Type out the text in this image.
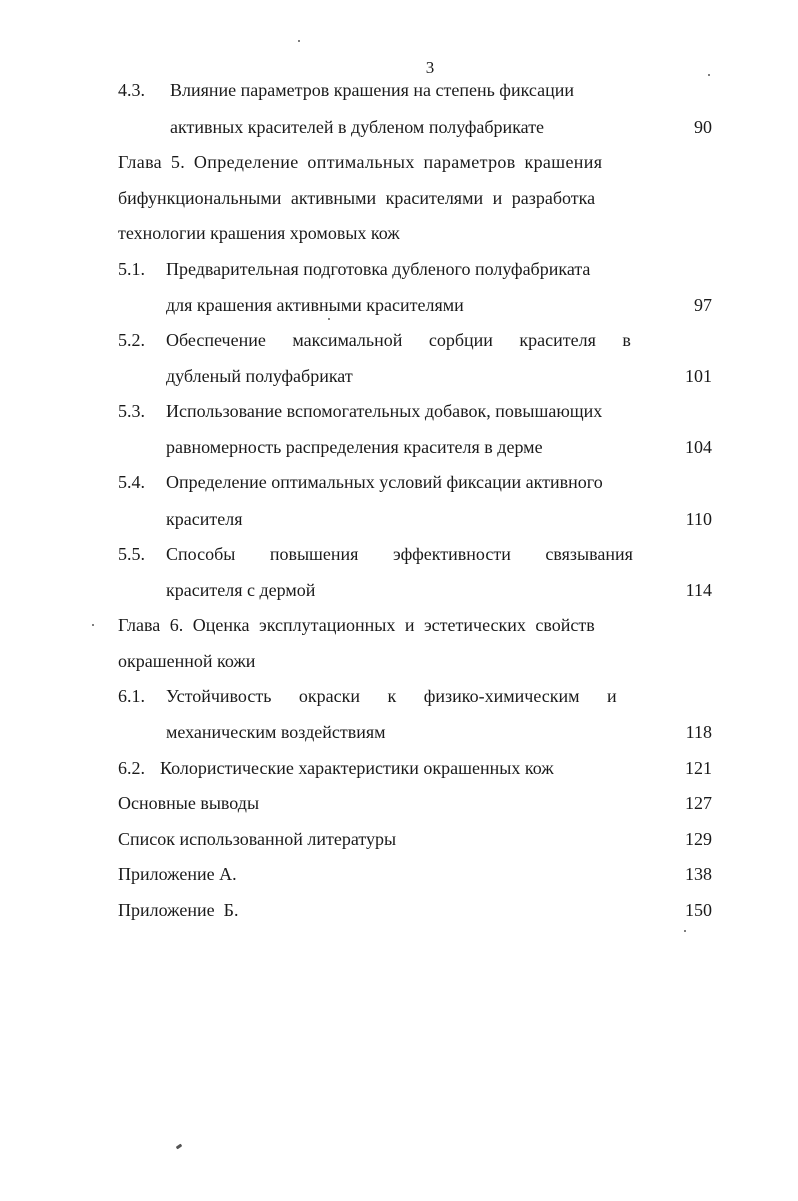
3
4.3. Влияние параметров крашения на степень фиксации
активных красителей в дубленом полуфабрикате	90
Глава 5. Определение оптимальных параметров крашения
бифункциональными активными красителями и разработка
технологии крашения хромовых кож
5.1. Предварительная подготовка дубленого полуфабриката
для крашения активными красителями	97
5.2. Обеспечение максимальной сорбции красителя в
дубленый полуфабрикат	101
5.3. Использование вспомогательных добавок, повышающих
равномерность распределения красителя в дерме	104
5.4. Определение оптимальных условий фиксации активного
красителя	110
5.5. Способы повышения эффективности связывания
красителя с дермой	114
Глава 6. Оценка эксплутационных и эстетических свойств
окрашенной кожи
6.1. Устойчивость окраски к физико-химическим и
механическим воздействиям	118
6.2. Колористические характеристики окрашенных кож	121
Основные выводы	127
Список использованной литературы	129
Приложение А.	138
Приложение  Б.	150
